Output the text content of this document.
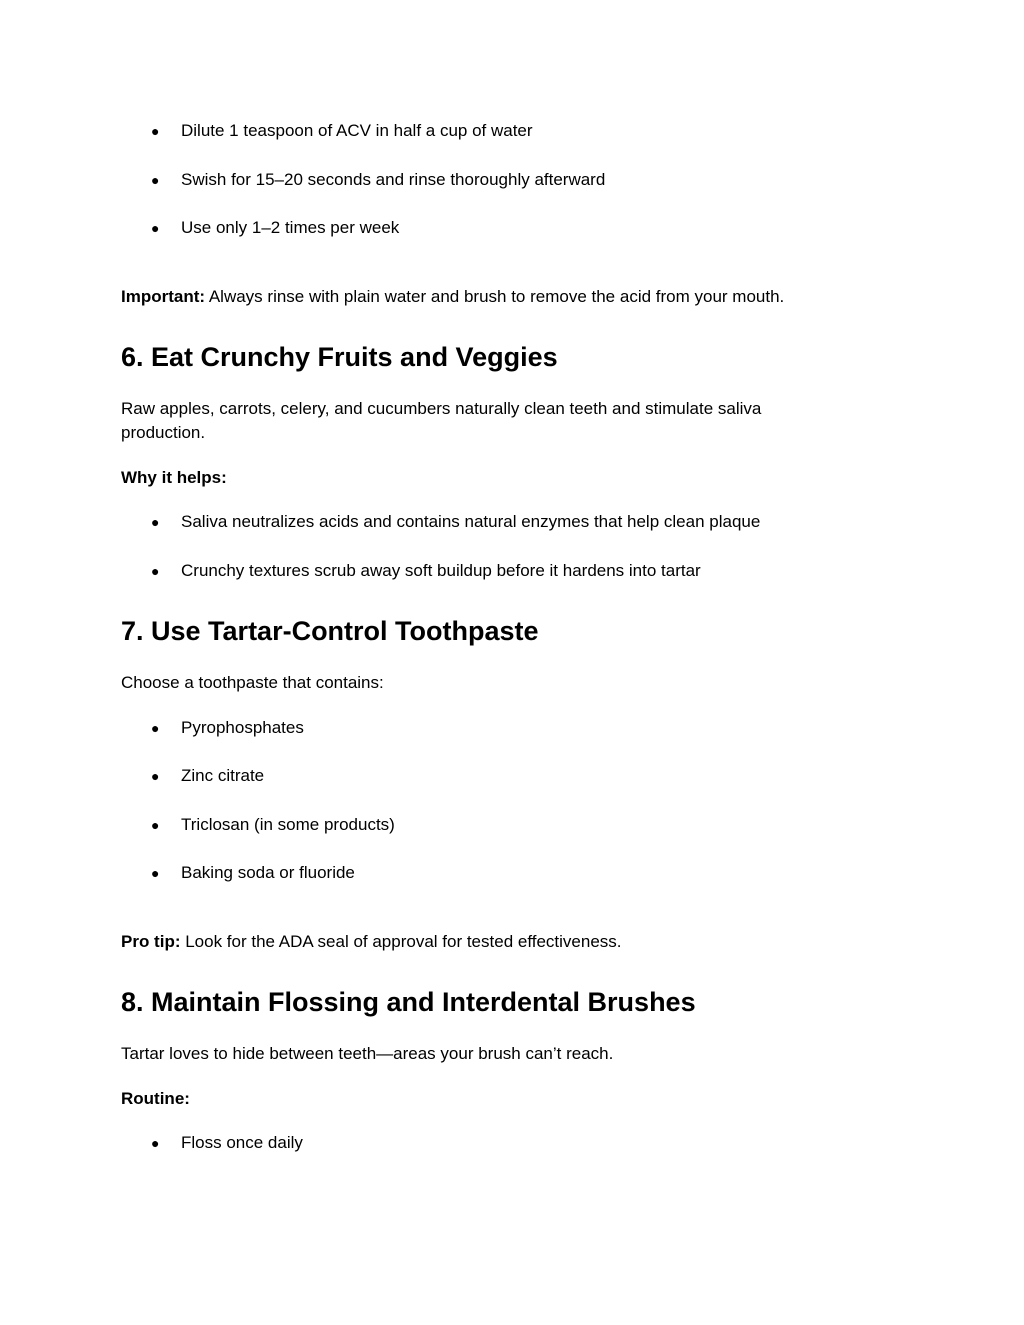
● Dilute 1 teaspoon of ACV in half a cup of water
● Swish for 15–20 seconds and rinse thoroughly afterward
● Use only 1–2 times per week
Important: Always rinse with plain water and brush to remove the acid from your mouth.
6. Eat Crunchy Fruits and Veggies
Raw apples, carrots, celery, and cucumbers naturally clean teeth and stimulate saliva production.
Why it helps:
● Saliva neutralizes acids and contains natural enzymes that help clean plaque
● Crunchy textures scrub away soft buildup before it hardens into tartar
7. Use Tartar-Control Toothpaste
Choose a toothpaste that contains:
● Pyrophosphates
● Zinc citrate
● Triclosan (in some products)
● Baking soda or fluoride
Pro tip: Look for the ADA seal of approval for tested effectiveness.
8. Maintain Flossing and Interdental Brushes
Tartar loves to hide between teeth—areas your brush can’t reach.
Routine:
● Floss once daily
